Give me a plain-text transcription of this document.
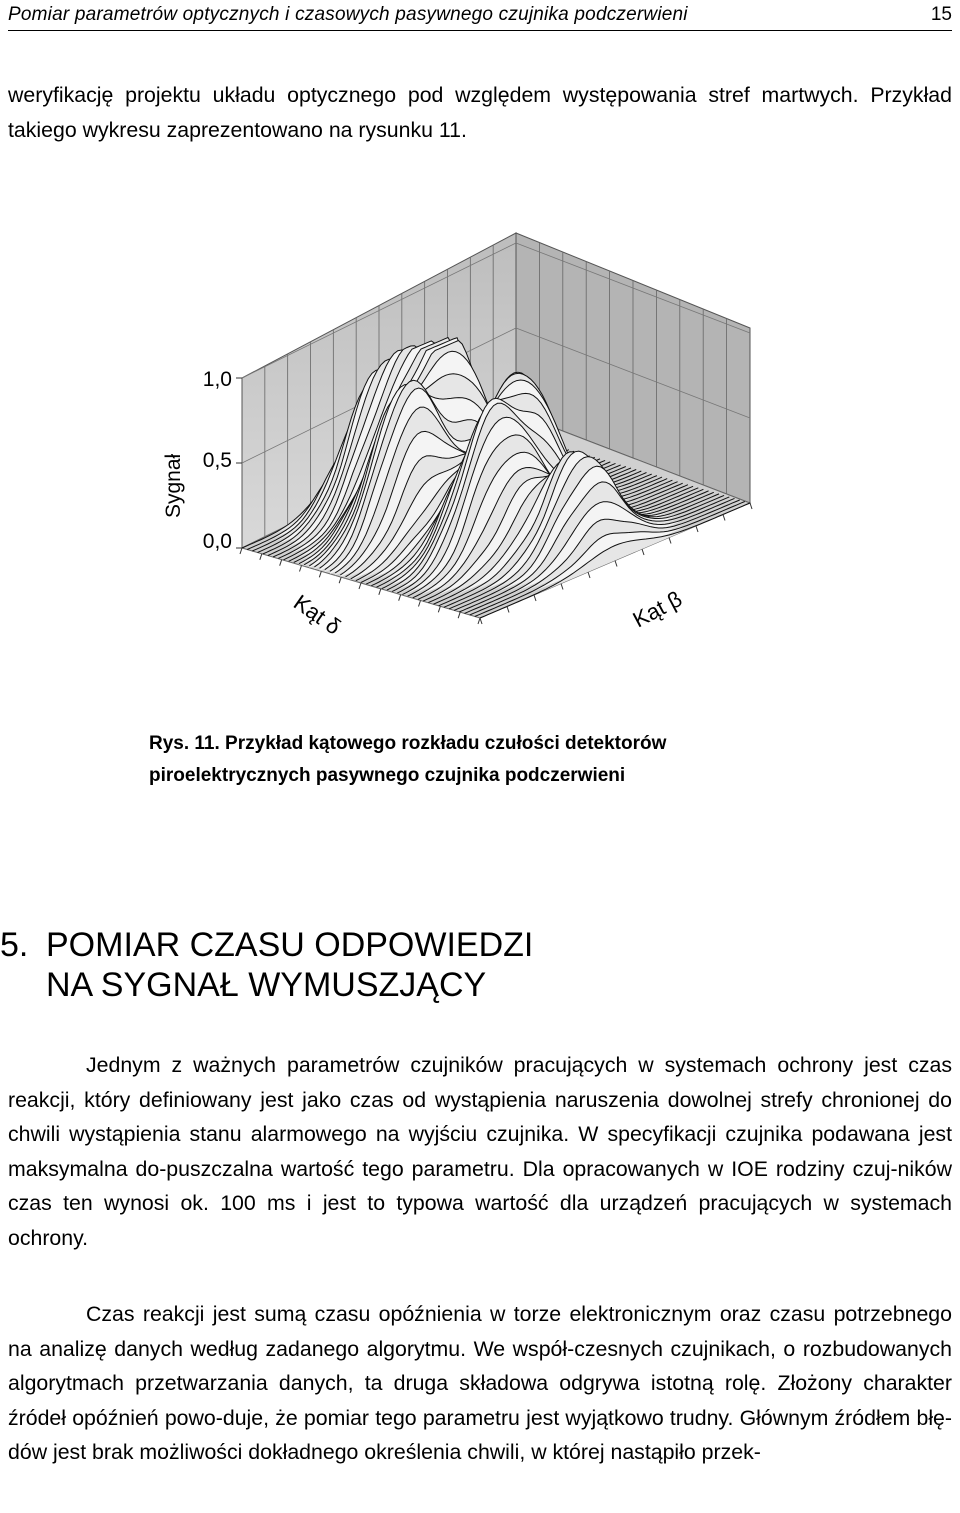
Pomiar parametrów optycznych i czasowych pasywnego czujnika podczerwieni	15

weryfikację projektu układu optycznego pod względem występowania stref martwych. Przykład takiego wykresu zaprezentowano na rysunku 11.

1,0
0,5
0,0
Sygnał
Kąt δ	Kąt β
Rys. 11. Przykład kątowego rozkładu czułości detektorów
piroelektrycznych pasywnego czujnika podczerwieni
5. POMIAR CZASU ODPOWIEDZI
NA SYGNAŁ WYMUSZJĄCY

Jednym z ważnych parametrów czujników pracujących w systemach ochrony jest czas reakcji, który definiowany jest jako czas od wystąpienia naruszenia dowolnej strefy chronionej do chwili wystąpienia stanu alarmowego na wyjściu czujnika. W specyfikacji czujnika podawana jest maksymalna do-puszczalna wartość tego parametru. Dla opracowanych w IOE rodziny czuj-ników czas ten wynosi ok. 100 ms i jest to typowa wartość dla urządzeń pracujących w systemach ochrony.

Czas reakcji jest sumą czasu opóźnienia w torze elektronicznym oraz czasu potrzebnego na analizę danych według zadanego algorytmu. We współ-czesnych czujnikach, o rozbudowanych algorytmach przetwarzania danych, ta druga składowa odgrywa istotną rolę. Złożony charakter źródeł opóźnień powo-duje, że pomiar tego parametru jest wyjątkowo trudny. Głównym źródłem błę-dów jest brak możliwości dokładnego określenia chwili, w której nastąpiło przek-
